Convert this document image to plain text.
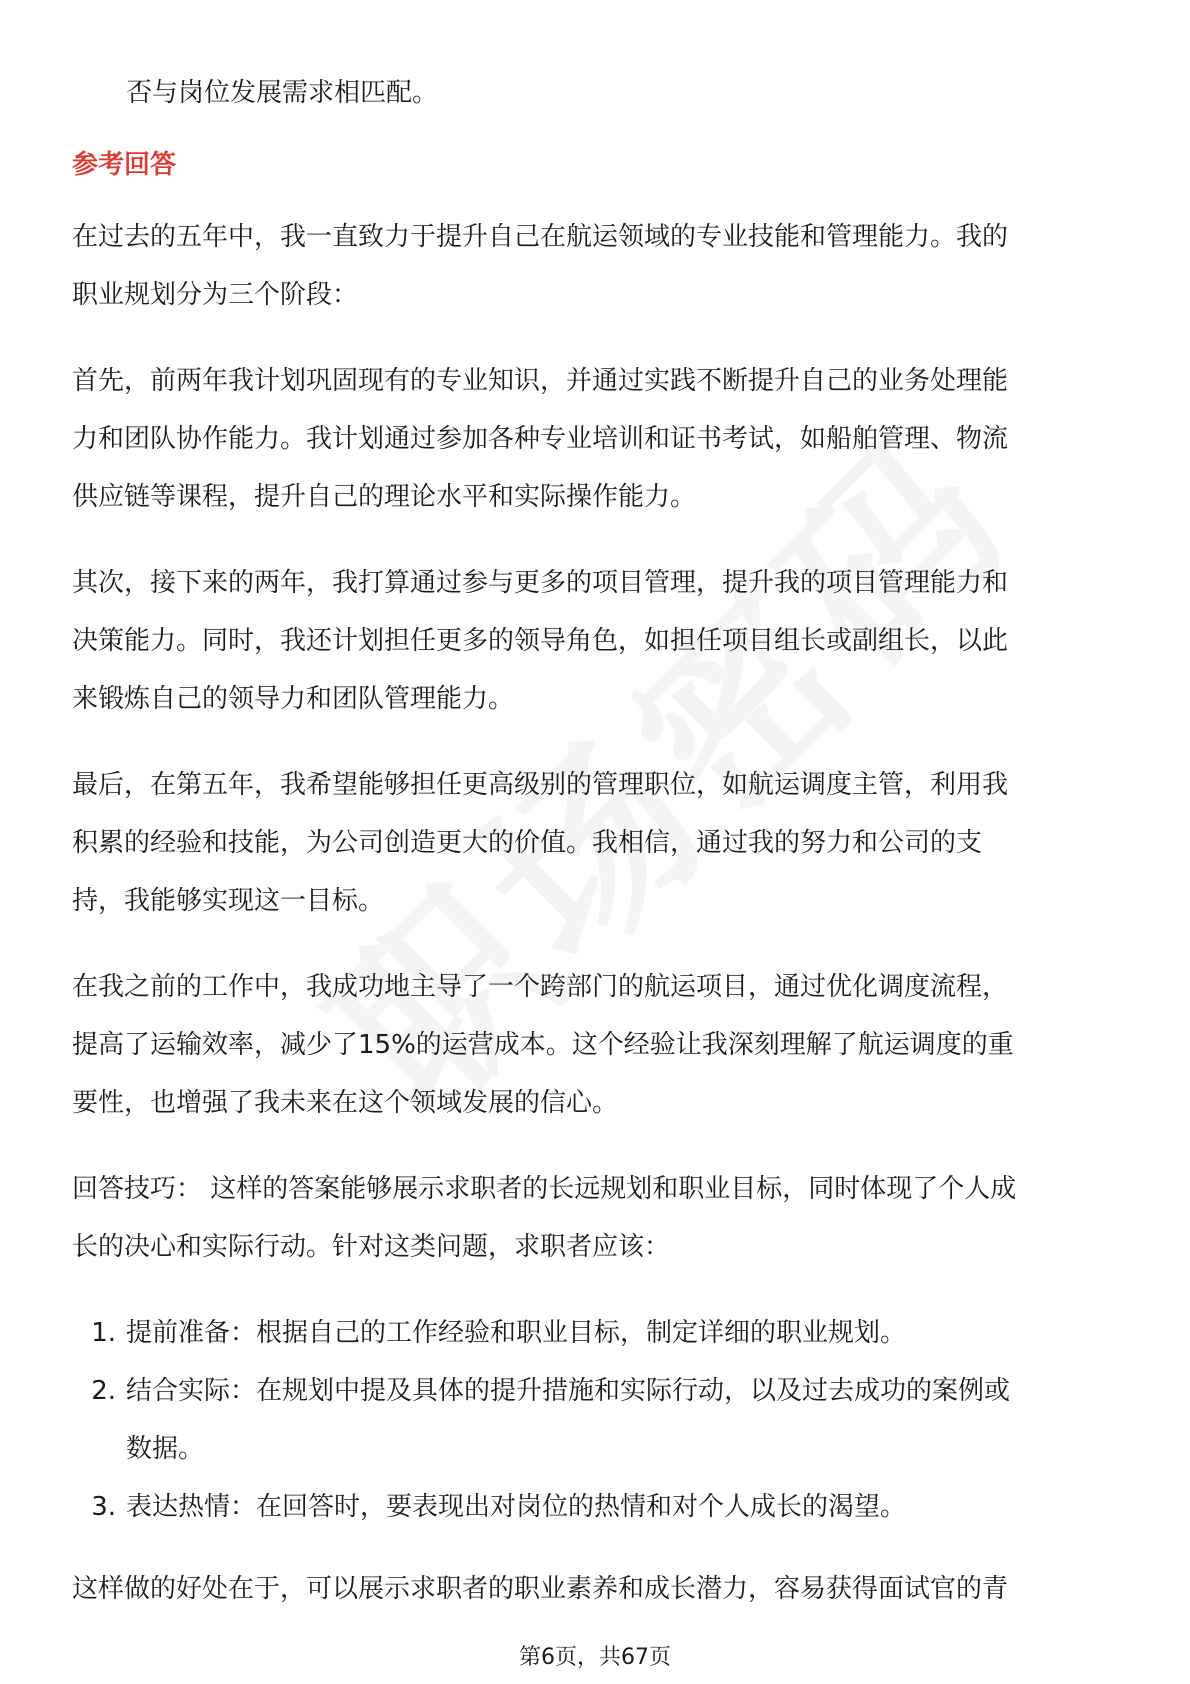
否与岗位发展需求相匹配。

参考回答

在过去的五年中，我一直致力于提升自己在航运领域的专业技能和管理能力。我的

职业规划分为三个阶段：

首先，前两年我计划巩固现有的专业知识，并通过实践不断提升自己的业务处理能

力和团队协作能力。我计划通过参加各种专业培训和证书考试，如船舶管理、物流

供应链等课程，提升自己的理论水平和实际操作能力。

其次，接下来的两年，我打算通过参与更多的项目管理，提升我的项目管理能力和

决策能力。同时，我还计划担任更多的领导角色，如担任项目组长或副组长，以此

来锻炼自己的领导力和团队管理能力。

最后，在第五年，我希望能够担任更高级别的管理职位，如航运调度主管，利用我

积累的经验和技能，为公司创造更大的价值。我相信，通过我的努力和公司的支

持，我能够实现这一目标。

在我之前的工作中，我成功地主导了一个跨部门的航运项目，通过优化调度流程，

提高了运输效率，减少了15%的运营成本。这个经验让我深刻理解了航运调度的重

要性，也增强了我未来在这个领域发展的信心。

回答技巧： 这样的答案能够展示求职者的长远规划和职业目标，同时体现了个人成

长的决心和实际行动。针对这类问题，求职者应该：

1. 提前准备：根据自己的工作经验和职业目标，制定详细的职业规划。
2. 结合实际：在规划中提及具体的提升措施和实际行动，以及过去成功的案例或
数据。
3. 表达热情：在回答时，要表现出对岗位的热情和对个人成长的渴望。

这样做的好处在于，可以展示求职者的职业素养和成长潜力，容易获得面试官的青

第6页，共67页
